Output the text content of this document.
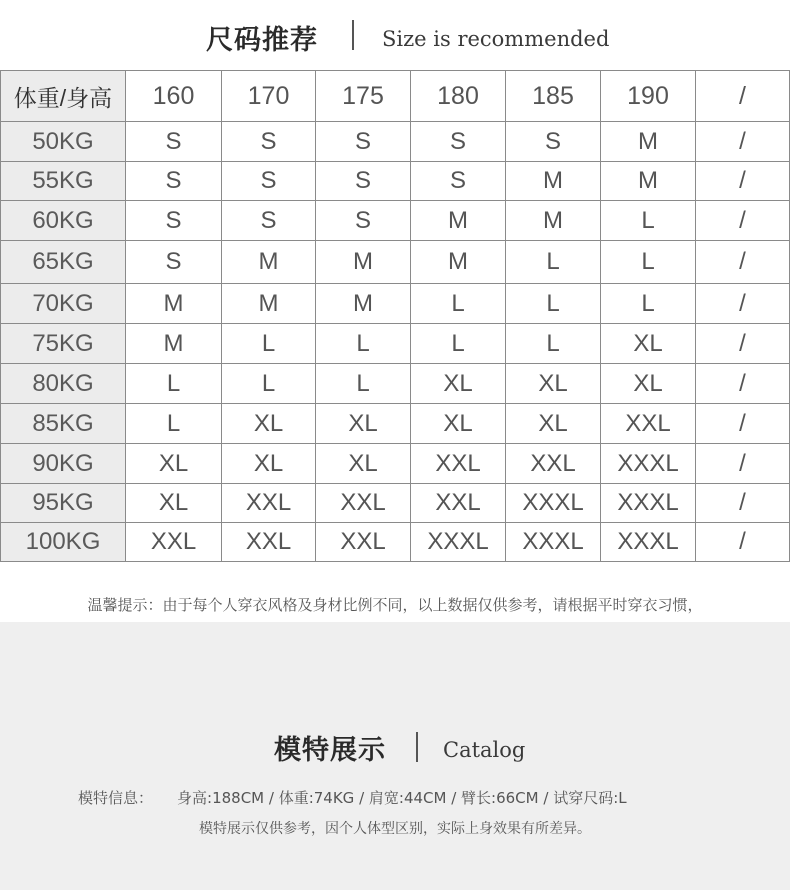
尺码推荐	Size is recommended
体重/身高	160	170	175	180	185	190	/
50KG	S	S	S	S	S	M	/
55KG	S	S	S	S	M	M	/
60KG	S	S	S	M	M	L	/
65KG	S	M	M	M	L	L	/
70KG	M	M	M	L	L	L	/
75KG	M	L	L	L	L	XL	/
80KG	L	L	L	XL	XL	XL	/
85KG	L	XL	XL	XL	XL	XXL	/
90KG	XL	XL	XL	XXL	XXL	XXXL	/
95KG	XL	XXL	XXL	XXL	XXXL	XXXL	/
100KG	XXL	XXL	XXL	XXXL	XXXL	XXXL	/
温馨提示：由于每个人穿衣风格及身材比例不同，以上数据仅供参考，请根据平时穿衣习惯，
模特展示	Catalog
模特信息： 身高:188CM / 体重:74KG / 肩宽:44CM / 臂长:66CM / 试穿尺码:L
模特展示仅供参考，因个人体型区别，实际上身效果有所差异。
